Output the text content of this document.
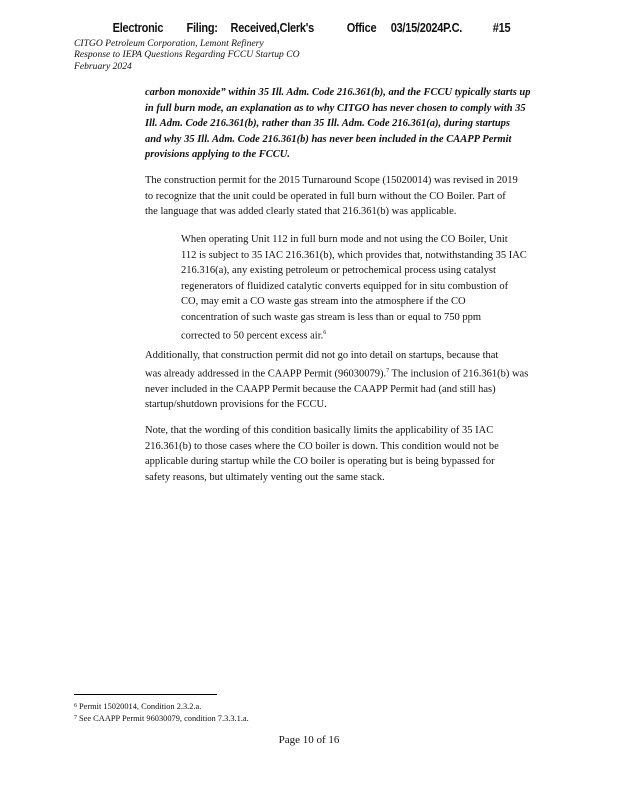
Electronic Filing: Received,Clerk's	Office 03/15/2024P.C. #15
CITGO Petroleum Corporation, Lemont Refinery
Response to IEPA Questions Regarding FCCU Startup CO
February 2024
carbon monoxide” within 35 Ill. Adm. Code 216.361(b), and the FCCU typically starts up
in full burn mode, an explanation as to why CITGO has never chosen to comply with 35
Ill. Adm. Code 216.361(b), rather than 35 Ill. Adm. Code 216.361(a), during startups
and why 35 Ill. Adm. Code 216.361(b) has never been included in the CAAPP Permit
provisions applying to the FCCU.
The construction permit for the 2015 Turnaround Scope (15020014) was revised in 2019
to recognize that the unit could be operated in full burn without the CO Boiler. Part of
the language that was added clearly stated that 216.361(b) was applicable.
When operating Unit 112 in full burn mode and not using the CO Boiler, Unit
112 is subject to 35 IAC 216.361(b), which provides that, notwithstanding 35 IAC
216.316(a), any existing petroleum or petrochemical process using catalyst
regenerators of fluidized catalytic converts equipped for in situ combustion of
CO, may emit a CO waste gas stream into the atmosphere if the CO
concentration of such waste gas stream is less than or equal to 750 ppm
corrected to 50 percent excess air.$^6$
Additionally, that construction permit did not go into detail on startups, because that
was already addressed in the CAAPP Permit (96030079).$^7$ The inclusion of 216.361(b) was
never included in the CAAPP Permit because the CAAPP Permit had (and still has)
startup/shutdown provisions for the FCCU.
Note, that the wording of this condition basically limits the applicability of 35 IAC
216.361(b) to those cases where the CO boiler is down. This condition would not be
applicable during startup while the CO boiler is operating but is being bypassed for
safety reasons, but ultimately venting out the same stack.
$^6$ Permit 15020014, Condition 2.3.2.a.
$^7$ See CAAPP Permit 96030079, condition 7.3.3.1.a.
Page 10 of 16
